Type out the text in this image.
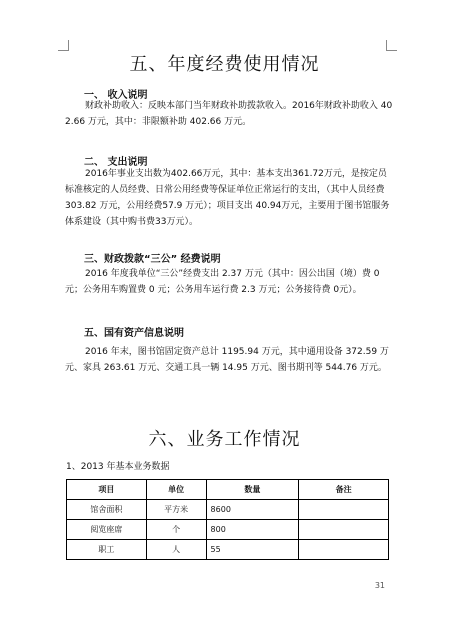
五、年度经费使用情况
一、 收入说明

财政补助收入：反映本部门当年财政补助拨款收入。2016年财政补助收入 402.66 万元，其中：非限额补助 402.66 万元。

二、 支出说明

2016年事业支出数为402.66万元，其中：基本支出361.72万元，是按定员标准核定的人员经费、日常公用经费等保证单位正常运行的支出，（其中人员经费 303.82 万元，公用经费57.9 万元）；项目支出 40.94万元，主要用于图书馆服务体系建设（其中购书费33万元）。

三、财政拨款“三公” 经费说明

2016 年度我单位“三公”经费支出 2.37 万元（其中：因公出国（境）费 0 元；公务用车购置费 0 元；公务用车运行费 2.3 万元；公务接待费 0元）。

五、国有资产信息说明

2016 年末，图书馆固定资产总计 1195.94 万元，其中通用设备 372.59 万元、家具 263.61 万元、交通工具一辆 14.95 万元、图书期刊等 544.76 万元。

六、业务工作情况
1、2013 年基本业务数据
项目	单位	数量	备注
馆舍面积	平方米	8600	
阅览座席	个	800	
职工	人	55	
31
